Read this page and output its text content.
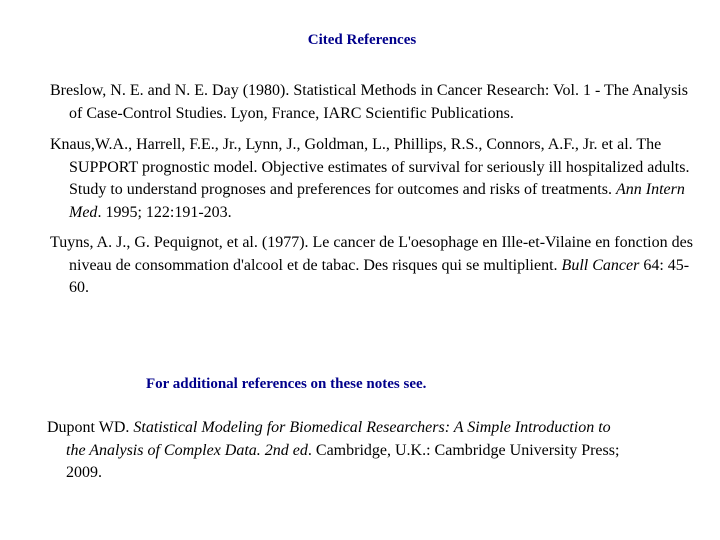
Cited References

Breslow, N. E. and N. E. Day (1980). Statistical Methods in Cancer Research: Vol. 1 - The Analysis of Case-Control Studies. Lyon, France, IARC Scientific Publications.

Knaus,W.A., Harrell, F.E., Jr., Lynn, J., Goldman, L., Phillips, R.S., Connors, A.F., Jr. et al. The SUPPORT prognostic model. Objective estimates of survival for seriously ill hospitalized adults. Study to understand prognoses and preferences for outcomes and risks of treatments. Ann Intern Med. 1995; 122:191-203.

Tuyns, A. J., G. Pequignot, et al. (1977). Le cancer de L'oesophage en Ille-et-Vilaine en fonction des niveau de consommation d'alcool et de tabac. Des risques qui se multiplient. Bull Cancer 64: 45-60.

For additional references on these notes see.

Dupont WD. Statistical Modeling for Biomedical Researchers: A Simple Introduction to the Analysis of Complex Data. 2nd ed. Cambridge, U.K.: Cambridge University Press; 2009.
